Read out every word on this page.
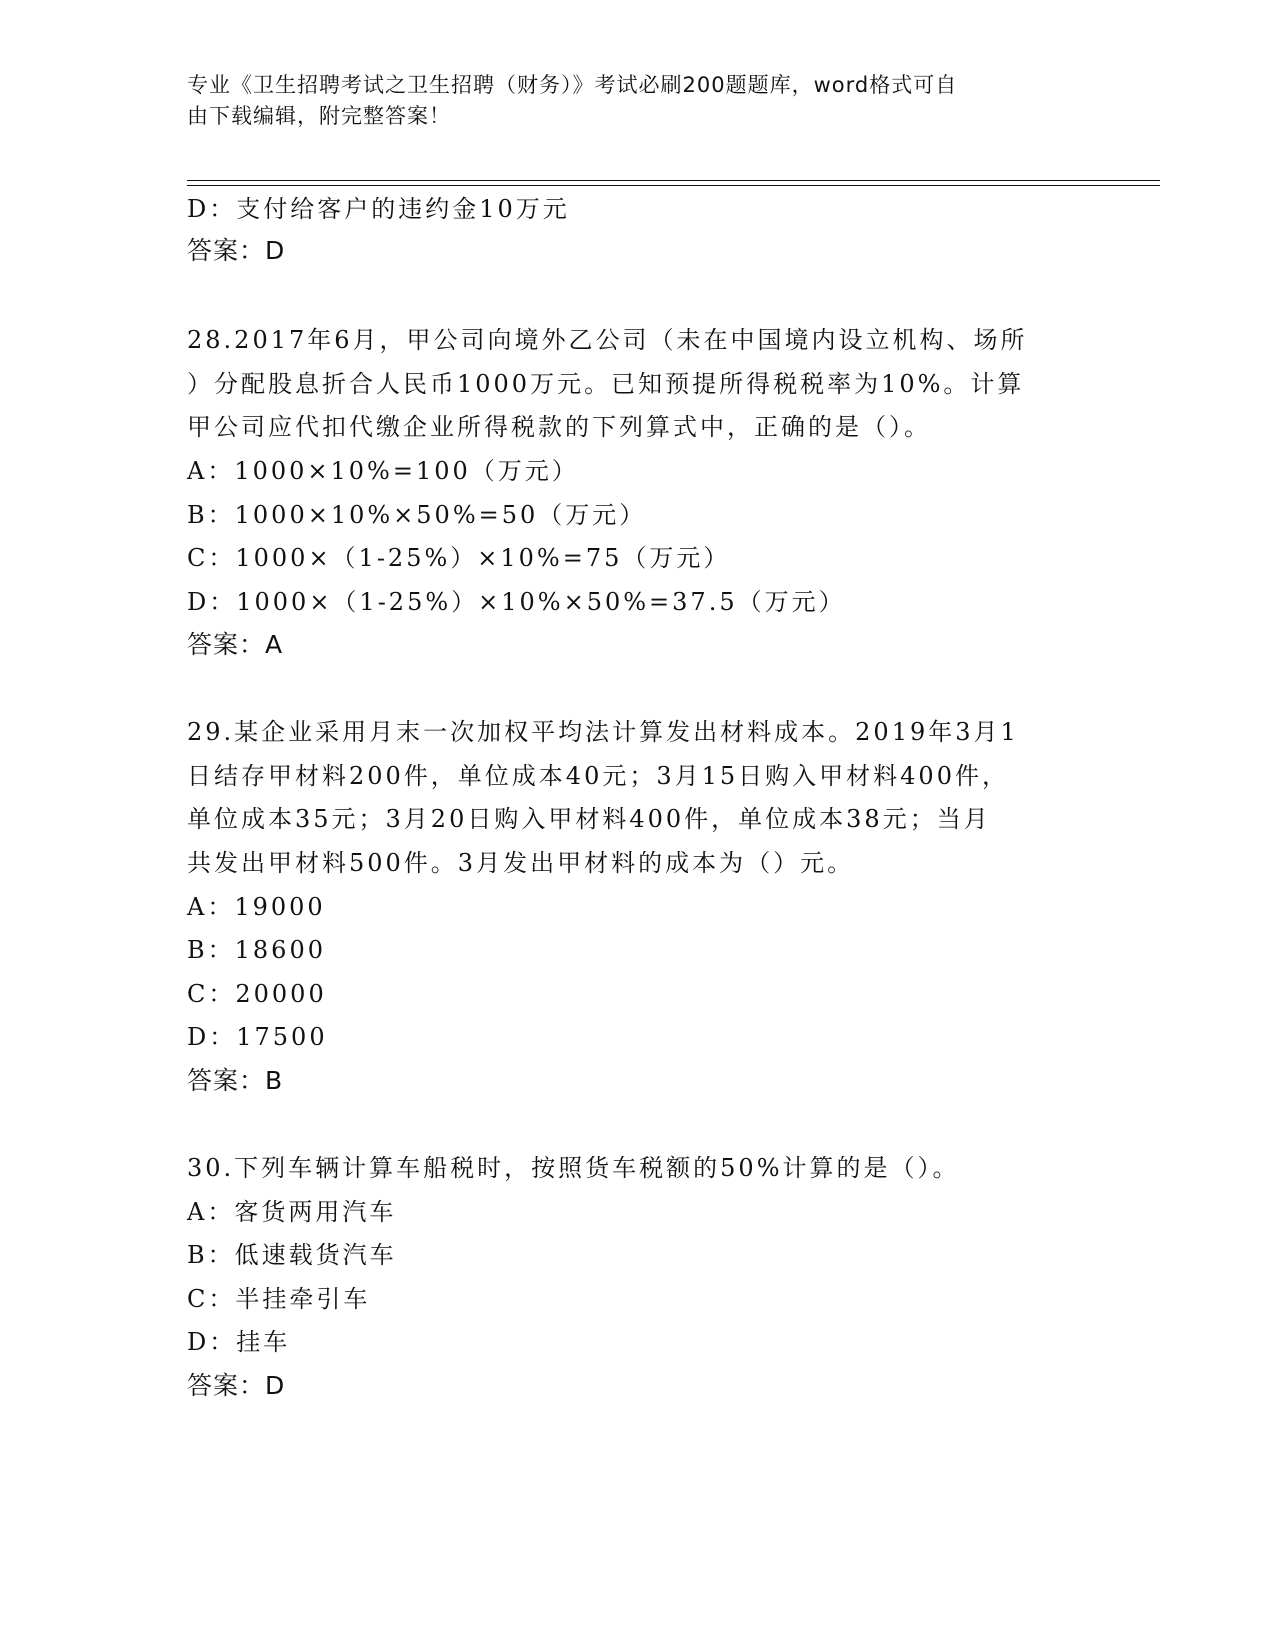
专业《卫生招聘考试之卫生招聘（财务）》考试必刷200题题库，word格式可自
由下载编辑，附完整答案！
D：支付给客户的违约金10万元
答案：D
28.2017年6月，甲公司向境外乙公司（未在中国境内设立机构、场所
）分配股息折合人民币1000万元。已知预提所得税税率为10%。计算
甲公司应代扣代缴企业所得税款的下列算式中，正确的是（）。
A：1000×10%=100（万元）
B：1000×10%×50%=50（万元）
C：1000×（1-25%）×10%=75（万元）
D：1000×（1-25%）×10%×50%=37.5（万元）
答案：A
29.某企业采用月末一次加权平均法计算发出材料成本。2019年3月1
日结存甲材料200件，单位成本40元；3月15日购入甲材料400件，
单位成本35元；3月20日购入甲材料400件，单位成本38元；当月
共发出甲材料500件。3月发出甲材料的成本为（）元。
A：19000
B：18600
C：20000
D：17500
答案：B
30.下列车辆计算车船税时，按照货车税额的50%计算的是（）。
A：客货两用汽车
B：低速载货汽车
C：半挂牵引车
D：挂车
答案：D
